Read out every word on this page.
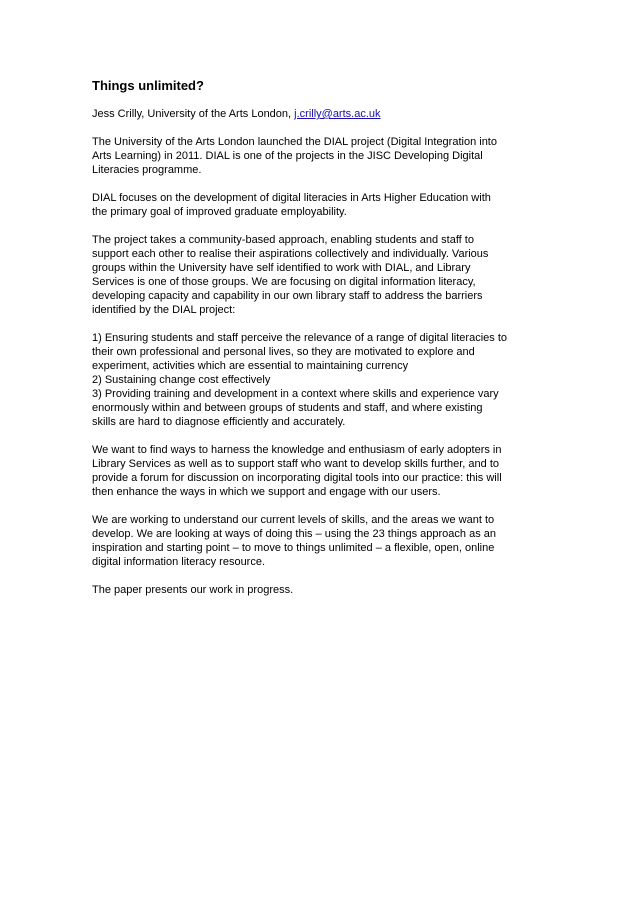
Things unlimited?

Jess Crilly, University of the Arts London, j.crilly@arts.ac.uk

The University of the Arts London launched the DIAL project (Digital Integration into
Arts Learning) in 2011. DIAL is one of the projects in the JISC Developing Digital
Literacies programme.

DIAL focuses on the development of digital literacies in Arts Higher Education with
the primary goal of improved graduate employability.

The project takes a community-based approach, enabling students and staff to
support each other to realise their aspirations collectively and individually. Various
groups within the University have self identified to work with DIAL, and Library
Services is one of those groups. We are focusing on digital information literacy,
developing capacity and capability in our own library staff to address the barriers
identified by the DIAL project:

1) Ensuring students and staff perceive the relevance of a range of digital literacies to
their own professional and personal lives, so they are motivated to explore and
experiment, activities which are essential to maintaining currency
2) Sustaining change cost effectively
3) Providing training and development in a context where skills and experience vary
enormously within and between groups of students and staff, and where existing
skills are hard to diagnose efficiently and accurately.

We want to find ways to harness the knowledge and enthusiasm of early adopters in
Library Services as well as to support staff who want to develop skills further, and to
provide a forum for discussion on incorporating digital tools into our practice: this will
then enhance the ways in which we support and engage with our users.

We are working to understand our current levels of skills, and the areas we want to
develop. We are looking at ways of doing this – using the 23 things approach as an
inspiration and starting point – to move to things unlimited – a flexible, open, online
digital information literacy resource.

The paper presents our work in progress.
